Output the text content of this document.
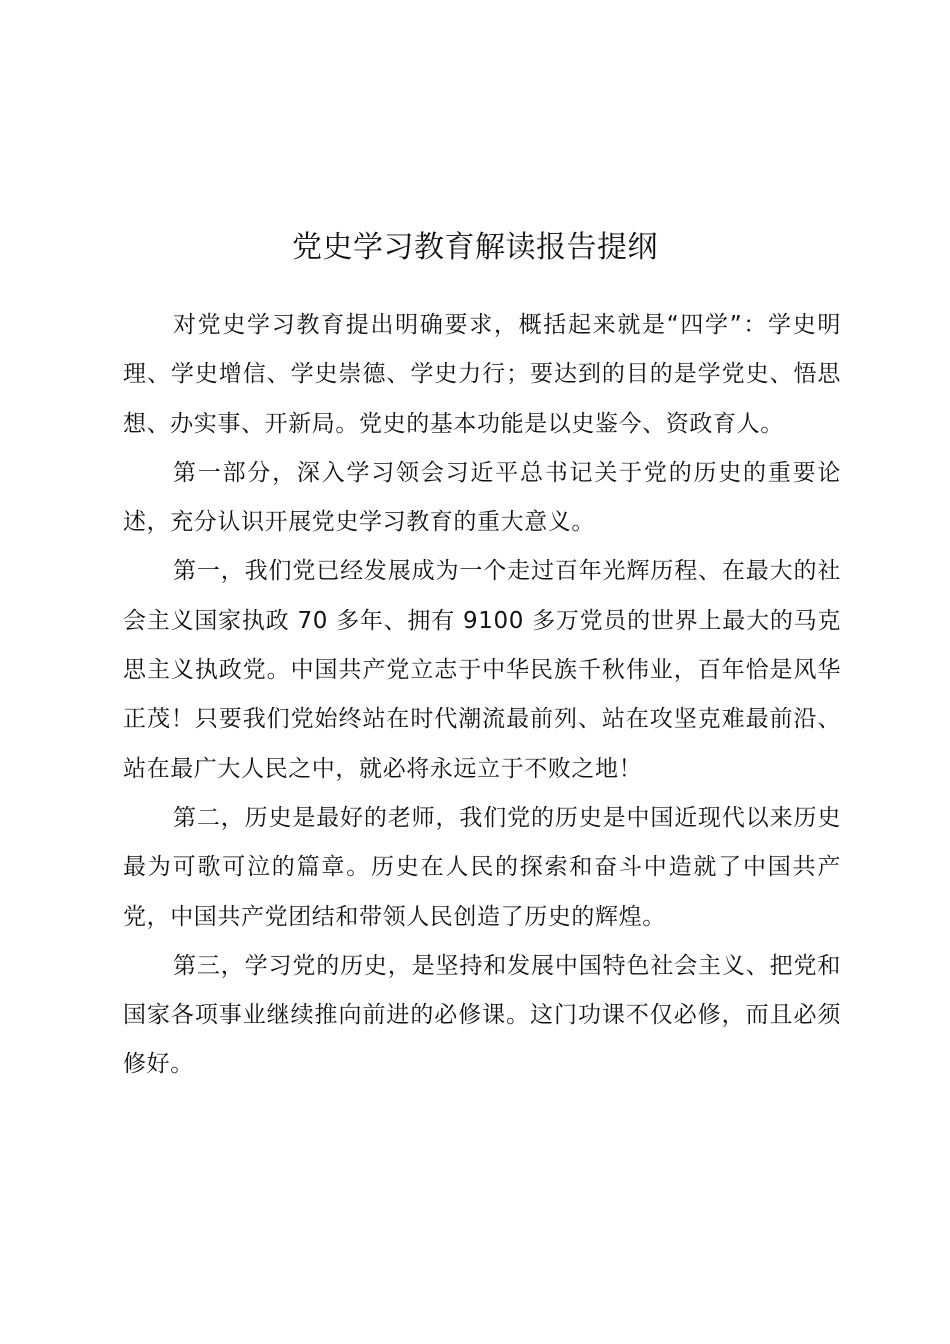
党史学习教育解读报告提纲

对党史学习教育提出明确要求，概括起来就是“四学”：学史明理、学史增信、学史崇德、学史力行；要达到的目的是学党史、悟思想、办实事、开新局。党史的基本功能是以史鉴今、资政育人。

第一部分，深入学习领会习近平总书记关于党的历史的重要论述，充分认识开展党史学习教育的重大意义。

第一，我们党已经发展成为一个走过百年光辉历程、在最大的社会主义国家执政 70 多年、拥有 9100 多万党员的世界上最大的马克思主义执政党。中国共产党立志于中华民族千秋伟业，百年恰是风华正茂！只要我们党始终站在时代潮流最前列、站在攻坚克难最前沿、站在最广大人民之中，就必将永远立于不败之地！

第二，历史是最好的老师，我们党的历史是中国近现代以来历史最为可歌可泣的篇章。历史在人民的探索和奋斗中造就了中国共产党，中国共产党团结和带领人民创造了历史的辉煌。

第三，学习党的历史，是坚持和发展中国特色社会主义、把党和国家各项事业继续推向前进的必修课。这门功课不仅必修，而且必须修好。
